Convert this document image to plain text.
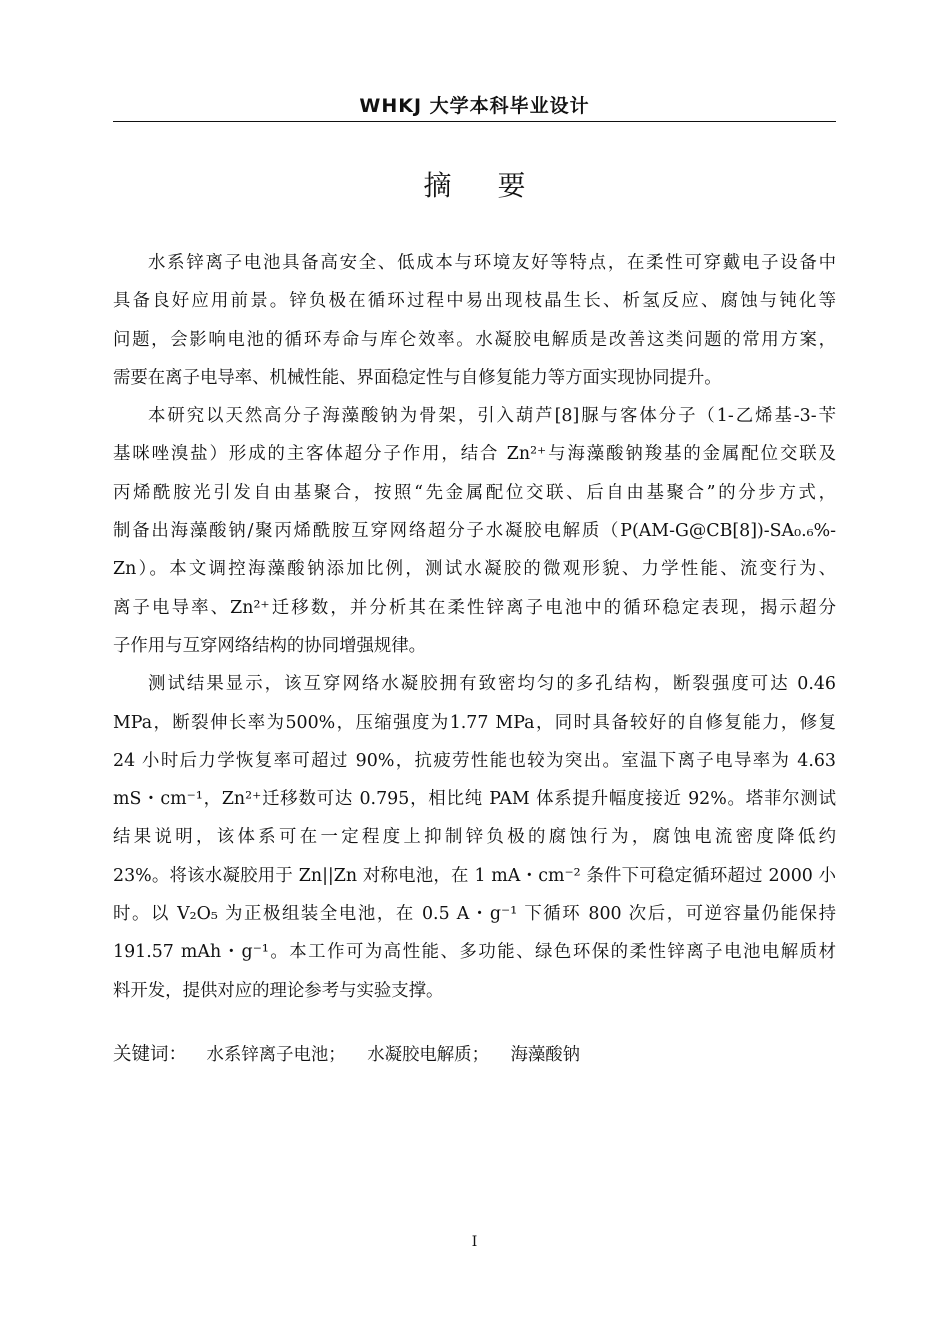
WHKJ 大学本科毕业设计
摘要
水系锌离子电池具备高安全、低成本与环境友好等特点，在柔性可穿戴电子设备中
具备良好应用前景。锌负极在循环过程中易出现枝晶生长、析氢反应、腐蚀与钝化等
问题，会影响电池的循环寿命与库仑效率。水凝胶电解质是改善这类问题的常用方案，
需要在离子电导率、机械性能、界面稳定性与自修复能力等方面实现协同提升。
本研究以天然高分子海藻酸钠为骨架，引入葫芦[8]脲与客体分子（1-乙烯基-3-苄
基咪唑溴盐）形成的主客体超分子作用，结合 Zn²⁺与海藻酸钠羧基的金属配位交联及
丙烯酰胺光引发自由基聚合，按照“先金属配位交联、后自由基聚合”的分步方式，
制备出海藻酸钠/聚丙烯酰胺互穿网络超分子水凝胶电解质（P(AM-G@CB[8])-SA₀.₆%-
Zn）。本文调控海藻酸钠添加比例，测试水凝胶的微观形貌、力学性能、流变行为、
离子电导率、Zn²⁺迁移数，并分析其在柔性锌离子电池中的循环稳定表现，揭示超分
子作用与互穿网络结构的协同增强规律。
测试结果显示，该互穿网络水凝胶拥有致密均匀的多孔结构，断裂强度可达 0.46
MPa，断裂伸长率为500%，压缩强度为1.77 MPa，同时具备较好的自修复能力，修复
24 小时后力学恢复率可超过 90%，抗疲劳性能也较为突出。室温下离子电导率为 4.63
mS・cm⁻¹，Zn²⁺迁移数可达 0.795，相比纯 PAM 体系提升幅度接近 92%。塔菲尔测试
结果说明，该体系可在一定程度上抑制锌负极的腐蚀行为，腐蚀电流密度降低约
23%。将该水凝胶用于 Zn||Zn 对称电池，在 1 mA・cm⁻² 条件下可稳定循环超过 2000 小
时。以 V₂O₅ 为正极组装全电池，在 0.5 A・g⁻¹ 下循环 800 次后，可逆容量仍能保持
191.57 mAh・g⁻¹。本工作可为高性能、多功能、绿色环保的柔性锌离子电池电解质材
料开发，提供对应的理论参考与实验支撑。
关键词： 水系锌离子电池； 水凝胶电解质； 海藻酸钠
I
